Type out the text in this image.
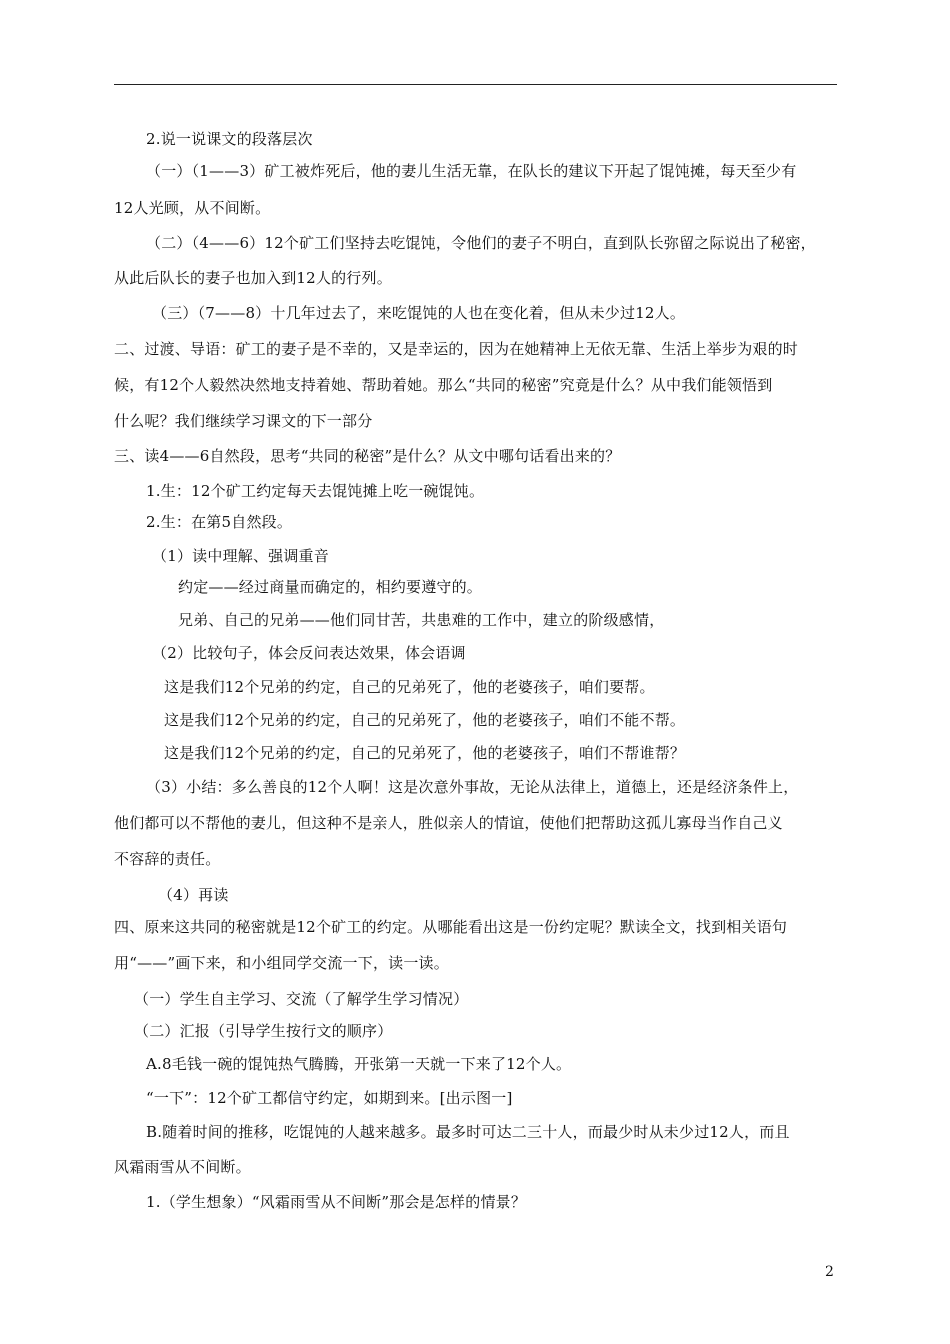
2.说一说课文的段落层次
（一）（1——3）矿工被炸死后，他的妻儿生活无靠，在队长的建议下开起了馄饨摊，每天至少有
12人光顾，从不间断。
（二）（4——6）12个矿工们坚持去吃馄饨，令他们的妻子不明白，直到队长弥留之际说出了秘密，
从此后队长的妻子也加入到12人的行列。
（三）（7——8）十几年过去了，来吃馄饨的人也在变化着，但从未少过12人。
二、过渡、导语：矿工的妻子是不幸的，又是幸运的，因为在她精神上无依无靠、生活上举步为艰的时
候，有12个人毅然决然地支持着她、帮助着她。那么“共同的秘密”究竟是什么？从中我们能领悟到
什么呢？我们继续学习课文的下一部分
三、读4——6自然段，思考“共同的秘密”是什么？从文中哪句话看出来的？
1.生：12个矿工约定每天去馄饨摊上吃一碗馄饨。
2.生：在第5自然段。
（1）读中理解、强调重音
约定——经过商量而确定的，相约要遵守的。
兄弟、自己的兄弟——他们同甘苦，共患难的工作中，建立的阶级感情，
（2）比较句子，体会反问表达效果，体会语调
这是我们12个兄弟的约定，自己的兄弟死了，他的老婆孩子，咱们要帮。
这是我们12个兄弟的约定，自己的兄弟死了，他的老婆孩子，咱们不能不帮。
这是我们12个兄弟的约定，自己的兄弟死了，他的老婆孩子，咱们不帮谁帮？
（3）小结：多么善良的12个人啊！这是次意外事故，无论从法律上，道德上，还是经济条件上，
他们都可以不帮他的妻儿，但这种不是亲人，胜似亲人的情谊，使他们把帮助这孤儿寡母当作自己义
不容辞的责任。
（4）再读
四、原来这共同的秘密就是12个矿工的约定。从哪能看出这是一份约定呢？默读全文，找到相关语句
用“——”画下来，和小组同学交流一下，读一读。
（一）学生自主学习、交流（了解学生学习情况）
（二）汇报（引导学生按行文的顺序）
A.8毛钱一碗的馄饨热气腾腾，开张第一天就一下来了12个人。
“一下”：12个矿工都信守约定，如期到来。[出示图一]
B.随着时间的推移，吃馄饨的人越来越多。最多时可达二三十人，而最少时从未少过12人，而且
风霜雨雪从不间断。
1.（学生想象）“风霜雨雪从不间断”那会是怎样的情景？
2
